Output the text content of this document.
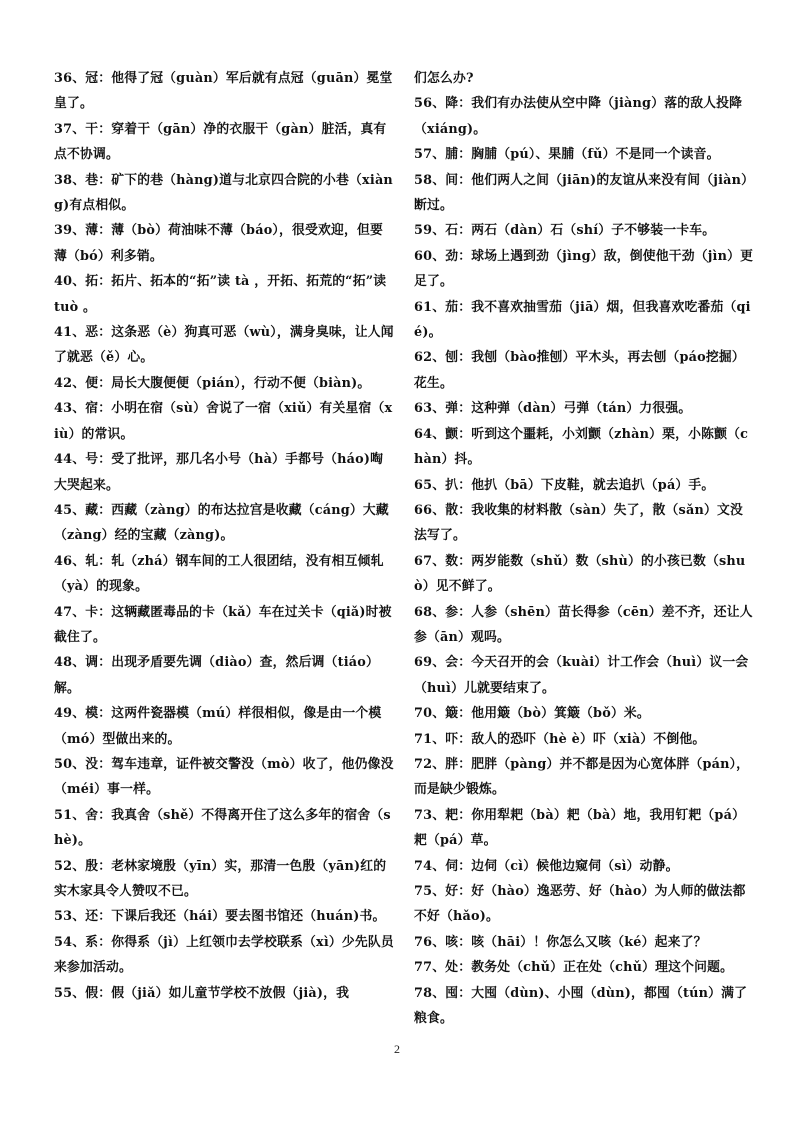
36、冠：他得了冠（guàn）军后就有点冠（guān）冕堂皇了。

37、干：穿着干（gān）净的衣服干（gàn）脏活，真有点不协调。

38、巷：矿下的巷（hàng)道与北京四合院的小巷（xiàng)有点相似。

39、薄：薄（bò）荷油味不薄（báo），很受欢迎，但要薄（bó）利多销。

40、拓：拓片、拓本的“拓”读 tà ，开拓、拓荒的“拓”读 tuò 。

41、恶：这条恶（è）狗真可恶（wù），满身臭味，让人闻了就恶（ě）心。

42、便：局长大腹便便（pián），行动不便（biàn)。

43、宿：小明在宿（sù）舍说了一宿（xiǔ）有关星宿（xiù）的常识。

44、号：受了批评，那几名小号（hà）手都号（háo)啕大哭起来。

45、藏：西藏（zàng）的布达拉宫是收藏（cáng）大藏（zàng）经的宝藏（zàng)。

46、轧：轧（zhá）钢车间的工人很团结，没有相互倾轧（yà）的现象。

47、卡：这辆藏匿毒品的卡（kǎ）车在过关卡（qiǎ)时被截住了。

48、调：出现矛盾要先调（diào）查，然后调（tiáo）解。

49、模：这两件瓷器模（mú）样很相似，像是由一个模（mó）型做出来的。

50、没：驾车违章，证件被交警没（mò）收了，他仍像没（méi）事一样。

51、舍：我真舍（shě）不得离开住了这么多年的宿舍（shè)。

52、殷：老林家境殷（yīn）实，那清一色殷（yān)红的实木家具令人赞叹不已。

53、还：下课后我还（hái）要去图书馆还（huán)书。

54、系：你得系（jì）上红领巾去学校联系（xì）少先队员来参加活动。

55、假：假（jiǎ）如儿童节学校不放假（jià)，我

们怎么办?

56、降：我们有办法使从空中降（jiàng）落的敌人投降（xiáng)。

57、脯：胸脯（pú）、果脯（fǔ）不是同一个读音。

58、间：他们两人之间（jiān)的友谊从来没有间（jiàn）断过。

59、石：两石（dàn）石（shí）子不够装一卡车。

60、劲：球场上遇到劲（jìng）敌，倒使他干劲（jìn）更足了。

61、茄：我不喜欢抽雪茄（jiā）烟，但我喜欢吃番茄（qié)。

62、刨：我刨（bào推刨）平木头，再去刨（páo挖掘）花生。

63、弹：这种弹（dàn）弓弹（tán）力很强。

64、颤：听到这个噩耗，小刘颤（zhàn）栗，小陈颤（chàn）抖。

65、扒：他扒（bā）下皮鞋，就去追扒（pá）手。

66、散：我收集的材料散（sàn）失了，散（sǎn）文没法写了。

67、数：两岁能数（shǔ）数（shù）的小孩已数（shuò）见不鲜了。

68、参：人参（shēn）苗长得参（cēn）差不齐，还让人参（ān）观吗。

69、会：今天召开的会（kuài）计工作会（huì）议一会（huì）儿就要结束了。

70、簸：他用簸（bò）箕簸（bǒ）米。

71、吓：敌人的恐吓（hè è）吓（xià）不倒他。

72、胖：肥胖（pàng）并不都是因为心宽体胖（pán），而是缺少锻炼。

73、耙：你用犁耙（bà）耙（bà）地，我用钉耙（pá）耙（pá）草。

74、伺：边伺（cì）候他边窥伺（sì）动静。

75、好：好（hào）逸恶劳、好（hào）为人师的做法都不好（hǎo)。

76、咳：咳（hāi）！你怎么又咳（ké）起来了？

77、处：教务处（chǔ）正在处（chǔ）理这个问题。

78、囤：大囤（dùn)、小囤（dùn)，都囤（tún）满了粮食。

2
